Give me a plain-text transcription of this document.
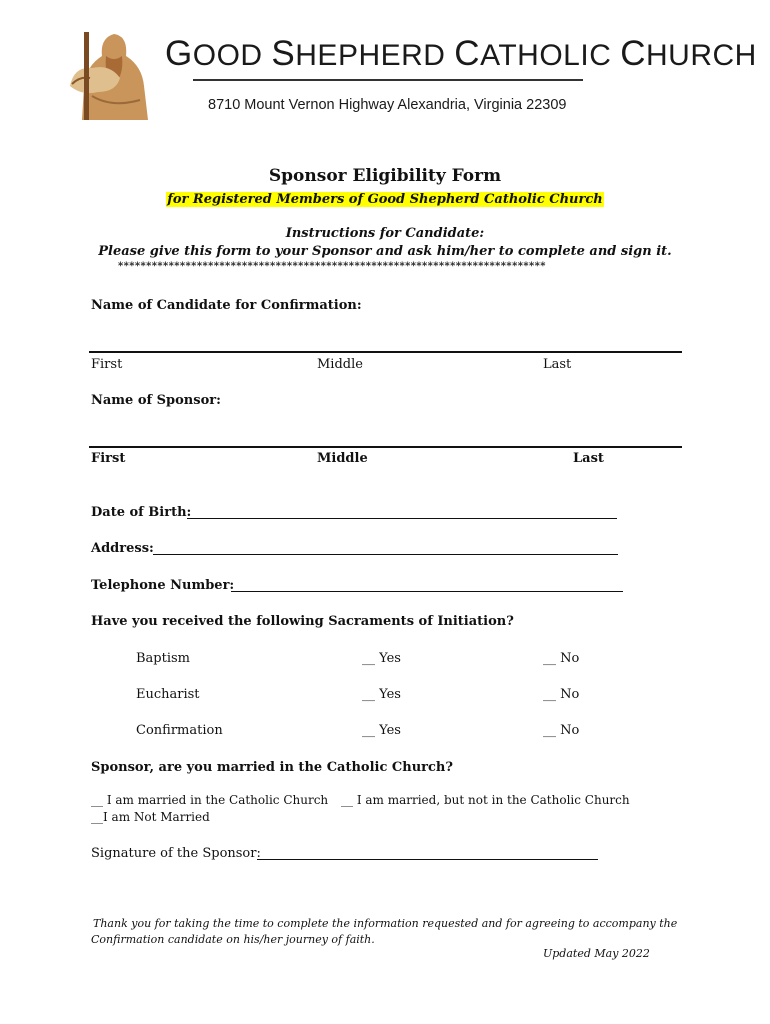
GOOD SHEPHERD CATHOLIC CHURCH
8710 Mount Vernon Highway Alexandria, Virginia 22309
Sponsor Eligibility Form
for Registered Members of Good Shepherd Catholic Church
Instructions for Candidate:
Please give this form to your Sponsor and ask him/her to complete and sign it.
****************************************************************************
Name of Candidate for Confirmation:
First	Middle	Last
Name of Sponsor:
First	Middle	Last
Date of Birth:
Address:
Telephone Number:
Have you received the following Sacraments of Initiation?
Baptism	__ Yes	__ No
Eucharist	__ Yes	__ No
Confirmation	__ Yes	__ No
Sponsor, are you married in the Catholic Church?
__ I am married in the Catholic Church __ I am married, but not in the Catholic Church
__I am Not Married
Signature of the Sponsor:
Thank you for taking the time to complete the information requested and for agreeing to accompany the
Confirmation candidate on his/her journey of faith.
Updated May 2022
